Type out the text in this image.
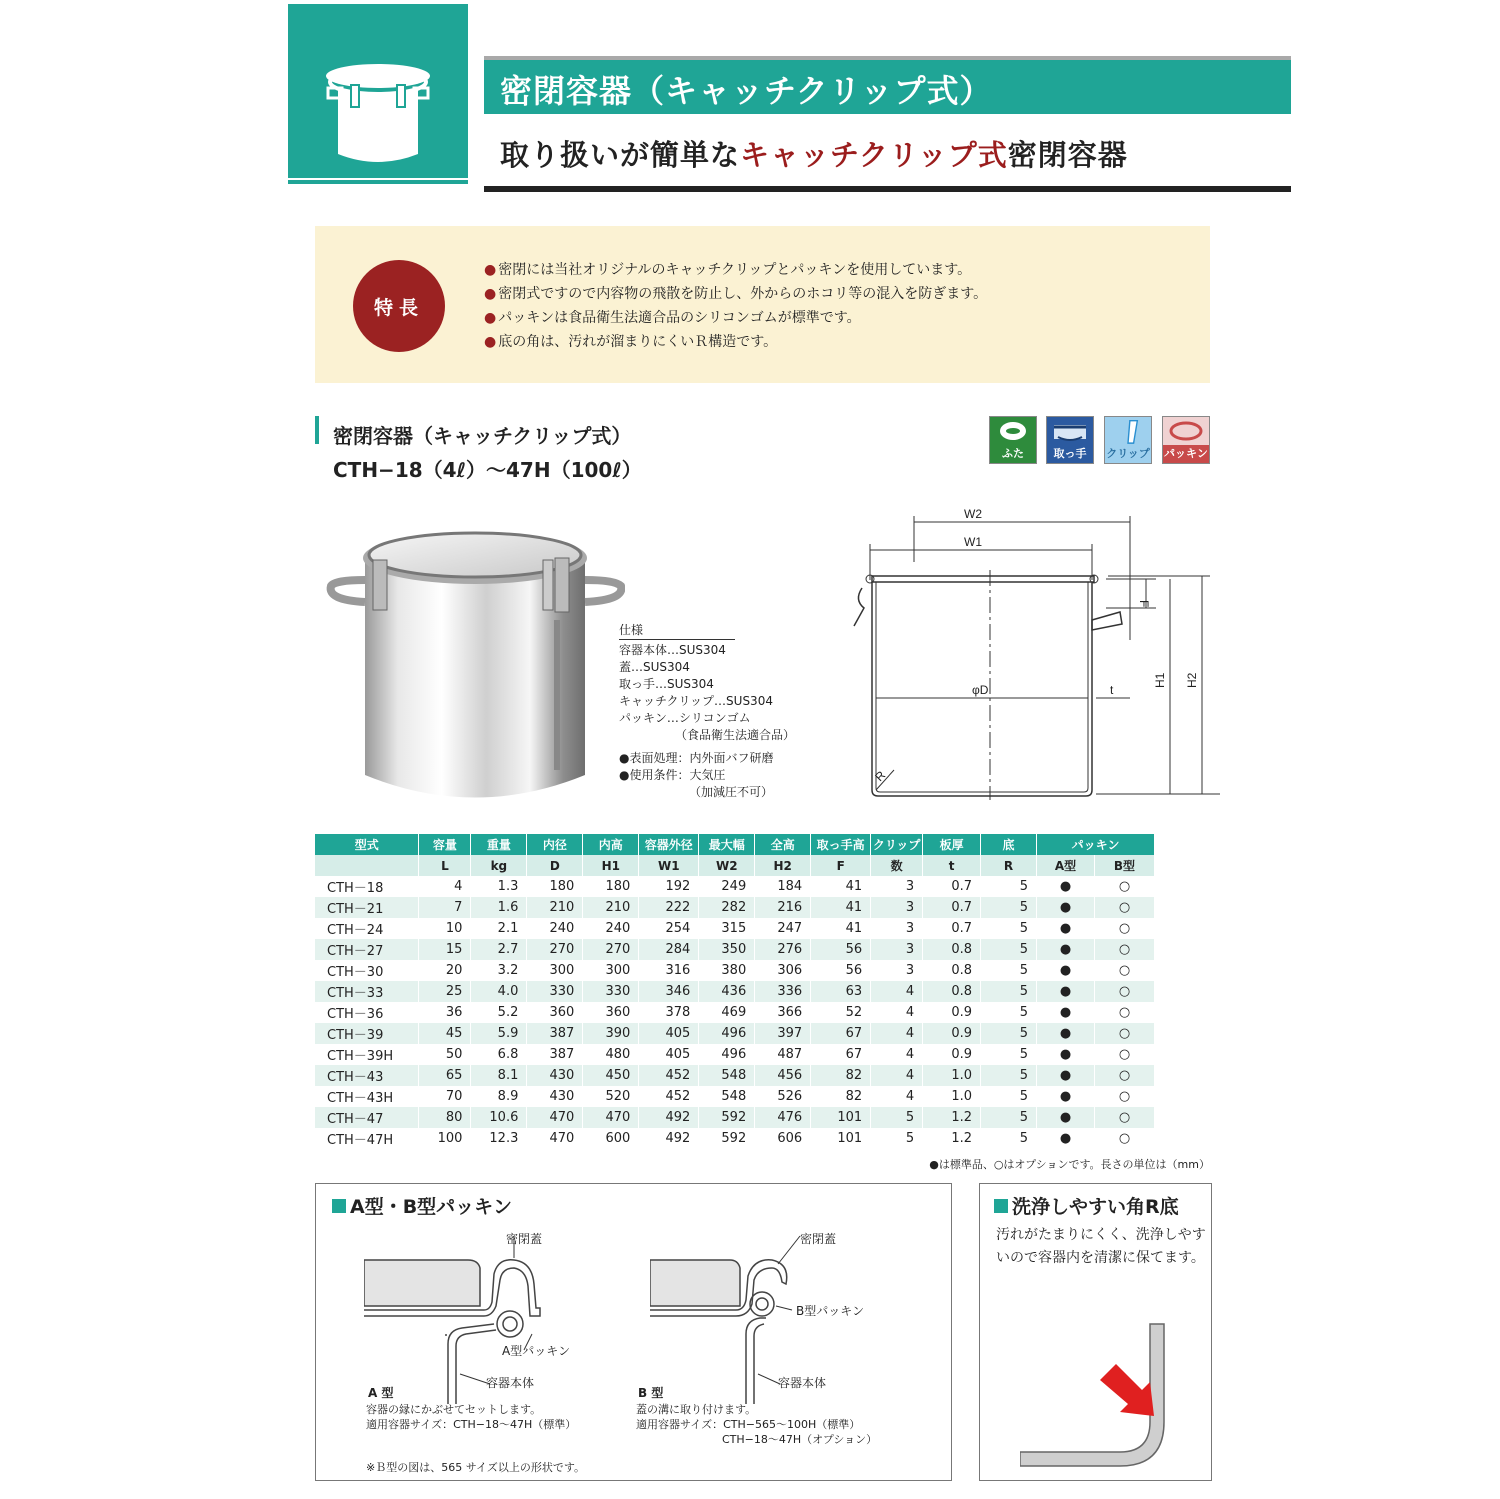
密閉容器（キャッチクリップ式）
取り扱いが簡単なキャッチクリップ式密閉容器
特長
● 密閉には当社オリジナルのキャッチクリップとパッキンを使用しています。
● 密閉式ですので内容物の飛散を防止し、外からのホコリ等の混入を防ぎます。
● パッキンは食品衛生法適合品のシリコンゴムが標準です。
● 底の角は、汚れが溜まりにくいＲ構造です。
密閉容器（キャッチクリップ式）
CTH−18（4ℓ）〜47H（100ℓ）
ふた	取っ手	クリップ パッキン
仕様
容器本体…SUS304
蓋…SUS304
取っ手…SUS304
キャッチクリップ…SUS304
パッキン…シリコンゴム
（食品衛生法適合品）
●表面処理：内外面バフ研磨
●使用条件：大気圧
（加減圧不可）
W2
W1
F
φD	t
H1 H2
R
型式	容量	重量	内径	内高	容器外径	最大幅	全高	取っ手高	クリップ	板厚	底	パッキン	
	L	kg	D	H1	W1	W2	H2	F	数	t	R	A型	B型
CTH－18	4	1.3	180	180	192	249	184	41	3	0.7	5	●	○
CTH－21	7	1.6	210	210	222	282	216	41	3	0.7	5	●	○
CTH－24	10	2.1	240	240	254	315	247	41	3	0.7	5	●	○
CTH－27	15	2.7	270	270	284	350	276	56	3	0.8	5	●	○
CTH－30	20	3.2	300	300	316	380	306	56	3	0.8	5	●	○
CTH－33	25	4.0	330	330	346	436	336	63	4	0.8	5	●	○
CTH－36	36	5.2	360	360	378	469	366	52	4	0.9	5	●	○
CTH－39	45	5.9	387	390	405	496	397	67	4	0.9	5	●	○
CTH－39H	50	6.8	387	480	405	496	487	67	4	0.9	5	●	○
CTH－43	65	8.1	430	450	452	548	456	82	4	1.0	5	●	○
CTH－43H	70	8.9	430	520	452	548	526	82	4	1.0	5	●	○
CTH－47	80	10.6	470	470	492	592	476	101	5	1.2	5	●	○
CTH－47H	100	12.3	470	600	492	592	606	101	5	1.2	5	●	○
●は標準品、○はオプションです。長さの単位は（mm）
A型・B型パッキン
密閉蓋
A型パッキン
容器本体
A 型
容器の縁にかぶせてセットします。
適用容器サイズ：CTH−18〜47H（標準）
密閉蓋
B型パッキン
容器本体
B 型
蓋の溝に取り付けます。
適用容器サイズ：CTH−565〜100H（標準）
CTH−18〜47H（オプション）
※Ｂ型の図は、565 サイズ以上の形状です。
洗浄しやすい角R底
汚れがたまりにくく、洗浄しやすいので容器内を清潔に保てます。
